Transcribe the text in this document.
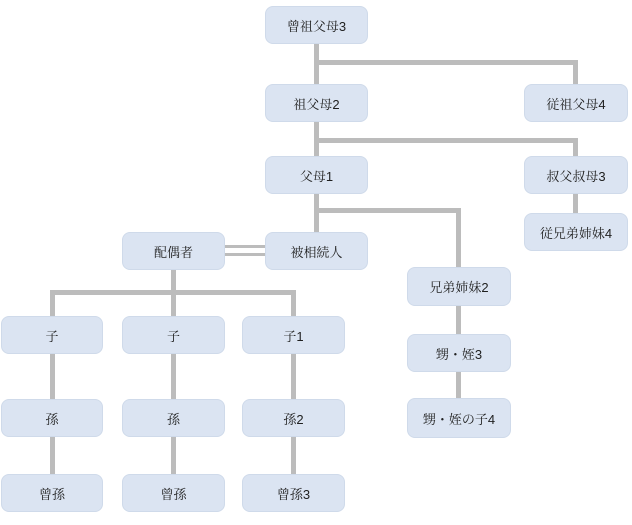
曾祖父母3
祖父母2	従祖父母4
父母1	叔父叔母3
従兄弟姉妹4
配偶者	被相続人
兄弟姉妹2
子	子	子1
甥・姪3
孫	孫	孫2	甥・姪の子4
曾孫	曾孫	曾孫3
